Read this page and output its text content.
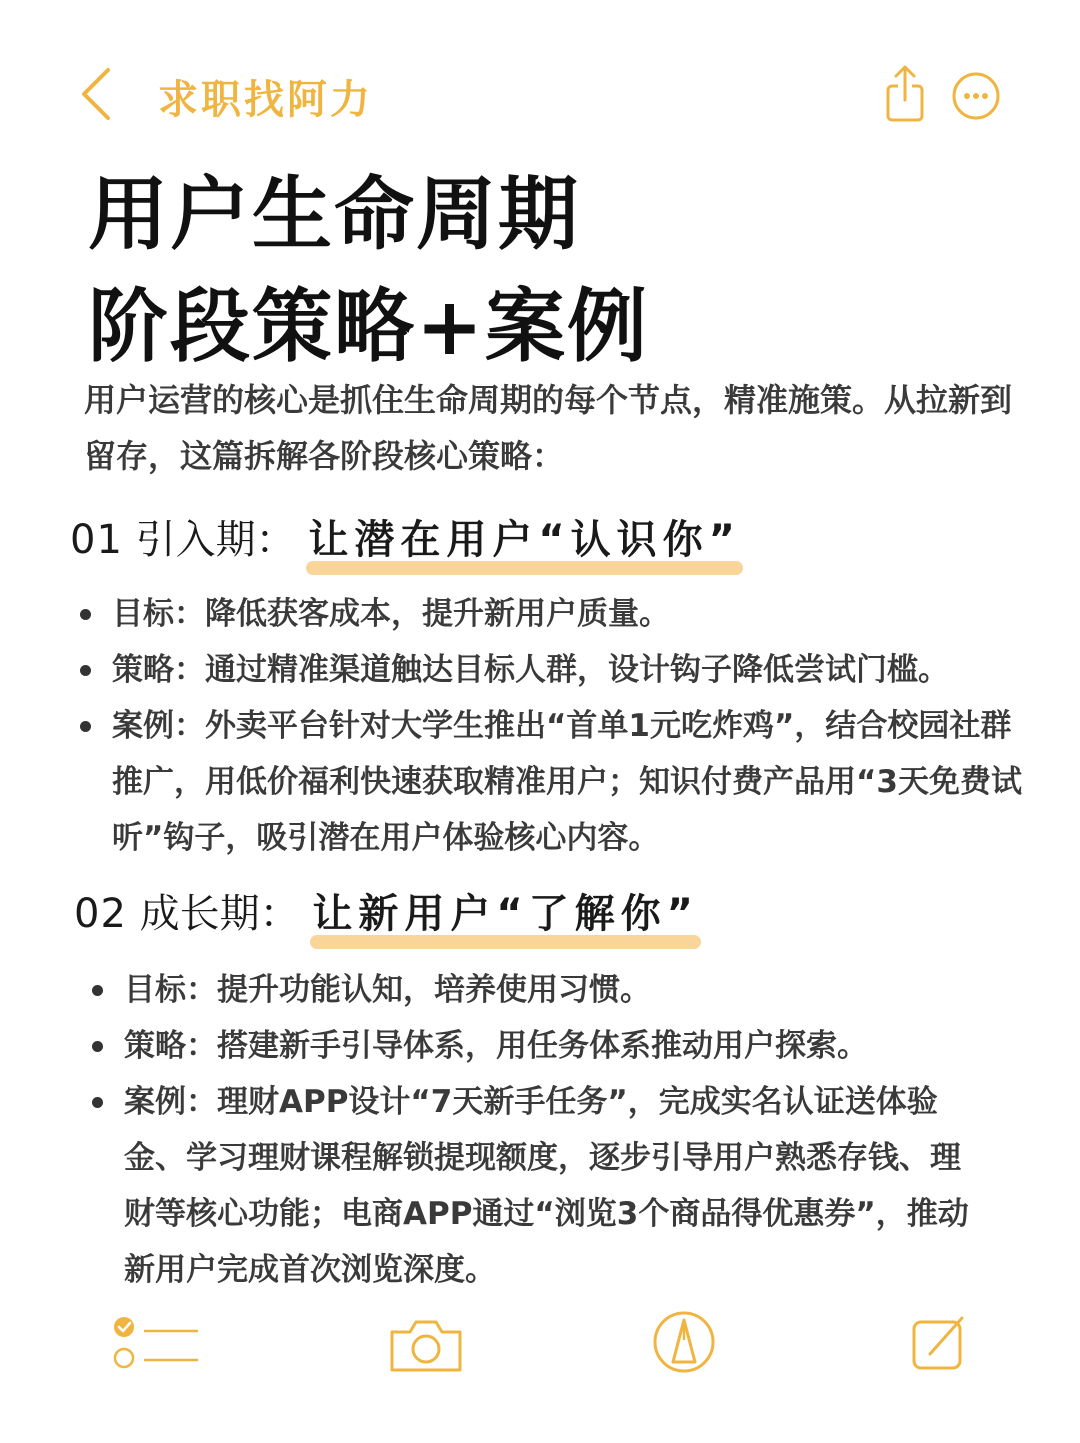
求职找阿力
用户生命周期
阶段策略+案例
用户运营的核心是抓住生命周期的每个节点，精准施策。从拉新到留存，这篇拆解各阶段核心策略：
01 引入期： 让潜在用户“认识你”
目标：降低获客成本，提升新用户质量。
策略：通过精准渠道触达目标人群，设计钩子降低尝试门槛。
案例：外卖平台针对大学生推出“首单1元吃炸鸡”，结合校园社群推广，用低价福利快速获取精准用户；知识付费产品用“3天免费试听”钩子，吸引潜在用户体验核心内容。
02 成长期： 让新用户“了解你”
目标：提升功能认知，培养使用习惯。
策略：搭建新手引导体系，用任务体系推动用户探索。
案例：理财APP设计“7天新手任务”，完成实名认证送体验金、学习理财课程解锁提现额度，逐步引导用户熟悉存钱、理财等核心功能；电商APP通过“浏览3个商品得优惠券”，推动新用户完成首次浏览深度。
